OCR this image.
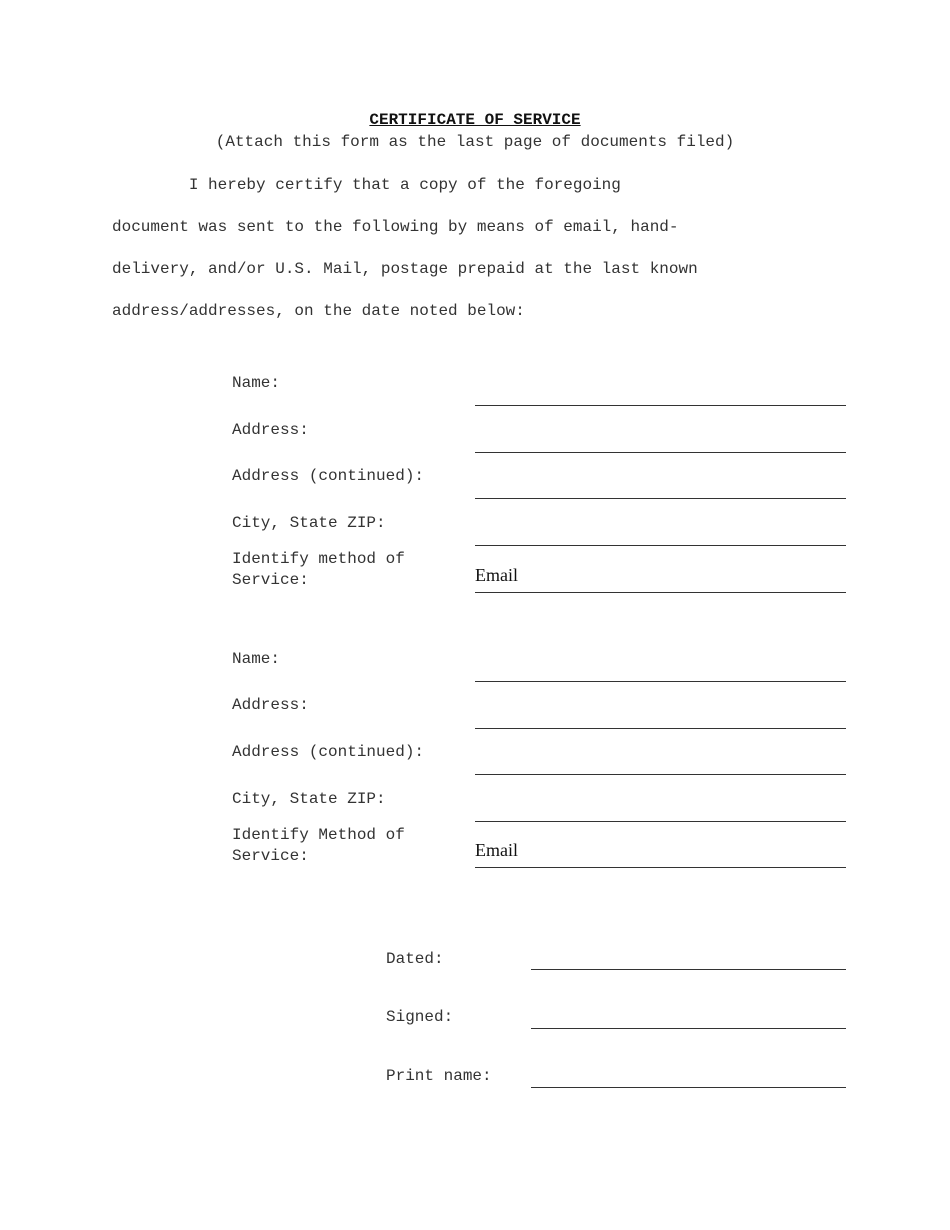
CERTIFICATE OF SERVICE
(Attach this form as the last page of documents filed)
I hereby certify that a copy of the foregoing
document was sent to the following by means of email, hand-
delivery, and/or U.S. Mail, postage prepaid at the last known
address/addresses, on the date noted below:
Name:
Address:
Address (continued):
City, State ZIP:
Identify method of
Service:	Email
Name:
Address:
Address (continued):
City, State ZIP:
Identify Method of
Service:	Email
Dated:
Signed:
Print name:
